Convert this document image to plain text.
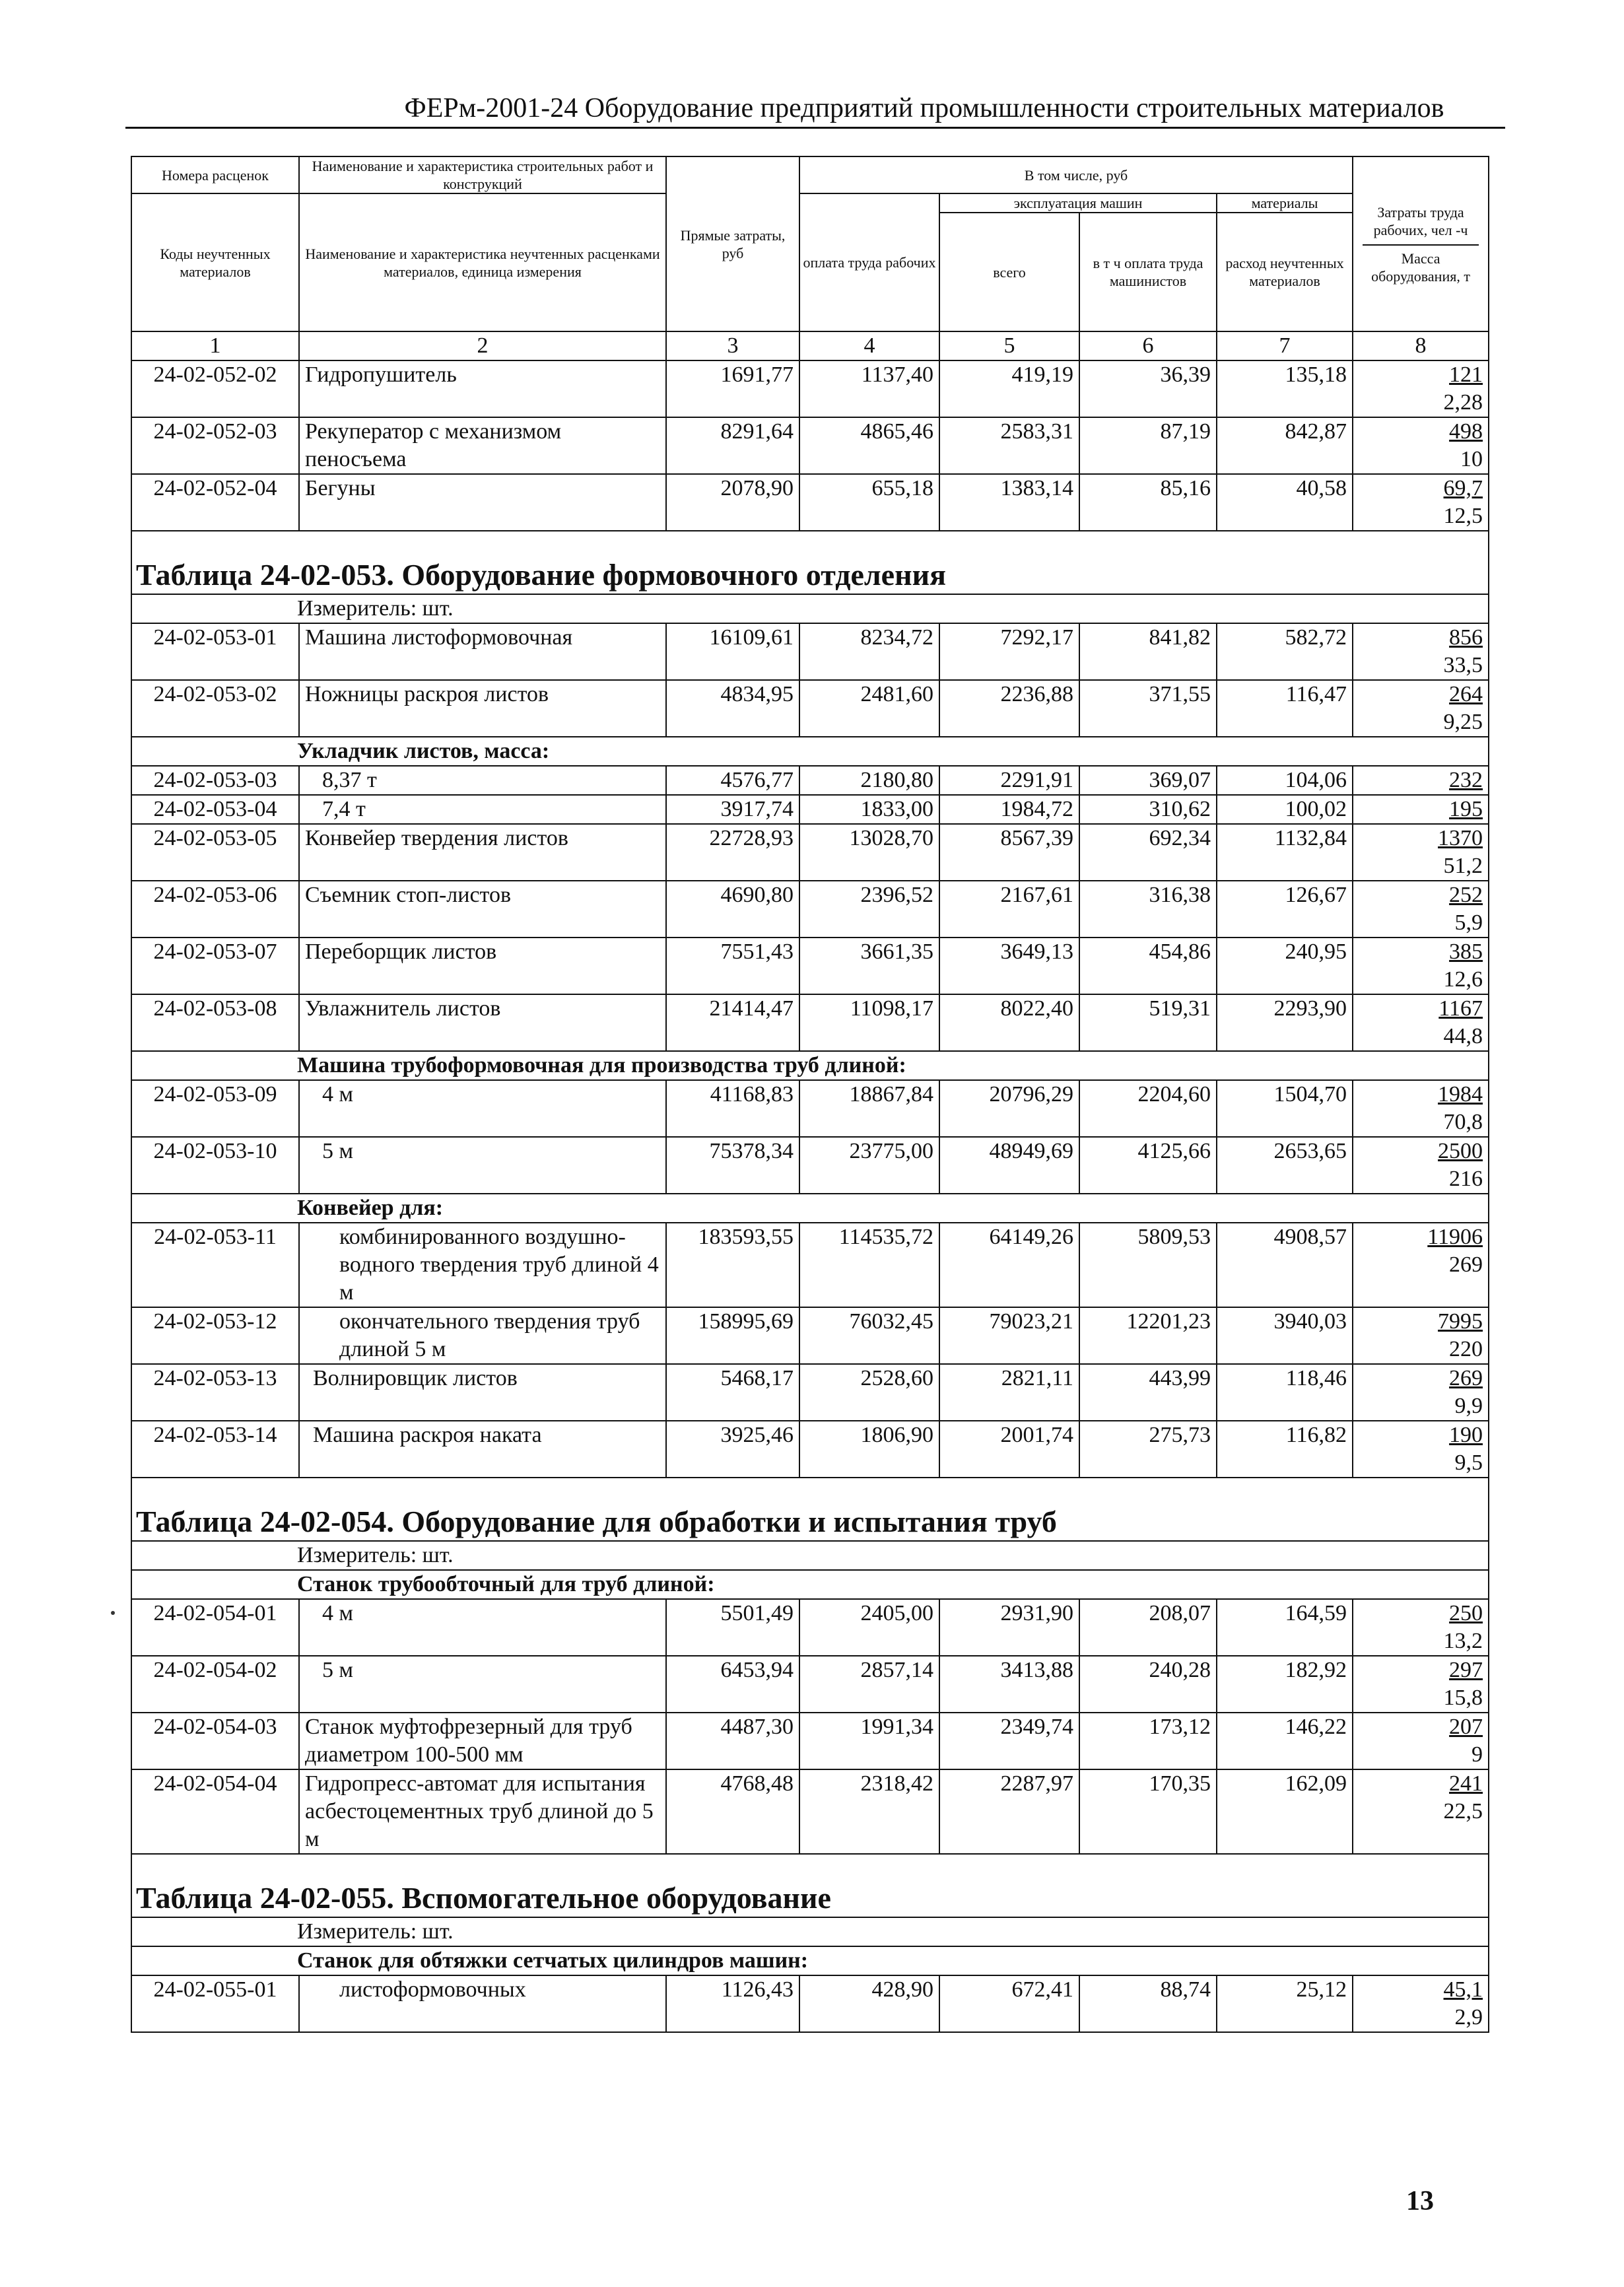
ФЕРм-2001-24 Оборудование предприятий промышленности строительных материалов
Номера расценок	Наименование и характеристика строительных работ и конструкций	Прямые затраты, руб	В том числе, руб				Затраты труда рабочих, чел -ч
Масса оборудования, т

Коды неучтенных материалов	Наименование и характеристика неучтенных расценками материалов, единица измерения		оплата труда рабочих	эксплуатация машин		материалы	
				всего	в т ч оплата труда машинистов	расход неучтенных материалов	
1	2	3	4	5	6	7	8
24-02-052-02	Гидропушитель	1691,77	1137,40	419,19	36,39	135,18	121
2,28

24-02-052-03	Рекуператор с механизмом пеносъема	8291,64	4865,46	2583,31	87,19	842,87	498
10

24-02-052-04	Бегуны	2078,90	655,18	1383,14	85,16	40,58	69,7
12,5

Таблица 24-02-053. Оборудование формовочного отделения							
Измеритель: шт.							
24-02-053-01	Машина листоформовочная	16109,61	8234,72	7292,17	841,82	582,72	856
33,5

24-02-053-02	Ножницы раскроя листов	4834,95	2481,60	2236,88	371,55	116,47	264
9,25

Укладчик листов, масса:							
24-02-053-03	8,37 т	4576,77	2180,80	2291,91	369,07	104,06	232

24-02-053-04	7,4 т	3917,74	1833,00	1984,72	310,62	100,02	195

24-02-053-05	Конвейер твердения листов	22728,93	13028,70	8567,39	692,34	1132,84	1370
51,2

24-02-053-06	Съемник стоп-листов	4690,80	2396,52	2167,61	316,38	126,67	252
5,9

24-02-053-07	Переборщик листов	7551,43	3661,35	3649,13	454,86	240,95	385
12,6

24-02-053-08	Увлажнитель листов	21414,47	11098,17	8022,40	519,31	2293,90	1167
44,8

Машина трубоформовочная для производства труб длиной:							
24-02-053-09	4 м	41168,83	18867,84	20796,29	2204,60	1504,70	1984
70,8

24-02-053-10	5 м	75378,34	23775,00	48949,69	4125,66	2653,65	2500
216

Конвейер для:							
24-02-053-11	комбинированного воздушно-водного твердения труб длиной 4 м	183593,55	114535,72	64149,26	5809,53	4908,57	11906
269

24-02-053-12	окончательного твердения труб длиной 5 м	158995,69	76032,45	79023,21	12201,23	3940,03	7995
220

24-02-053-13	Волнировщик листов	5468,17	2528,60	2821,11	443,99	118,46	269
9,9

24-02-053-14	Машина раскроя наката	3925,46	1806,90	2001,74	275,73	116,82	190
9,5

Таблица 24-02-054. Оборудование для обработки и испытания труб							
Измеритель: шт.							
Станок трубообточный для труб длиной:							
24-02-054-01	4 м	5501,49	2405,00	2931,90	208,07	164,59	250
13,2

24-02-054-02	5 м	6453,94	2857,14	3413,88	240,28	182,92	297
15,8

24-02-054-03	Станок муфтофрезерный для труб диаметром 100-500 мм	4487,30	1991,34	2349,74	173,12	146,22	207
9

24-02-054-04	Гидропресс-автомат для испытания асбестоцементных труб длиной до 5 м	4768,48	2318,42	2287,97	170,35	162,09	241
22,5

Таблица 24-02-055. Вспомогательное оборудование							
Измеритель: шт.							
Станок для обтяжки сетчатых цилиндров машин:							
24-02-055-01	листоформовочных	1126,43	428,90	672,41	88,74	25,12	45,1
2,9
13
